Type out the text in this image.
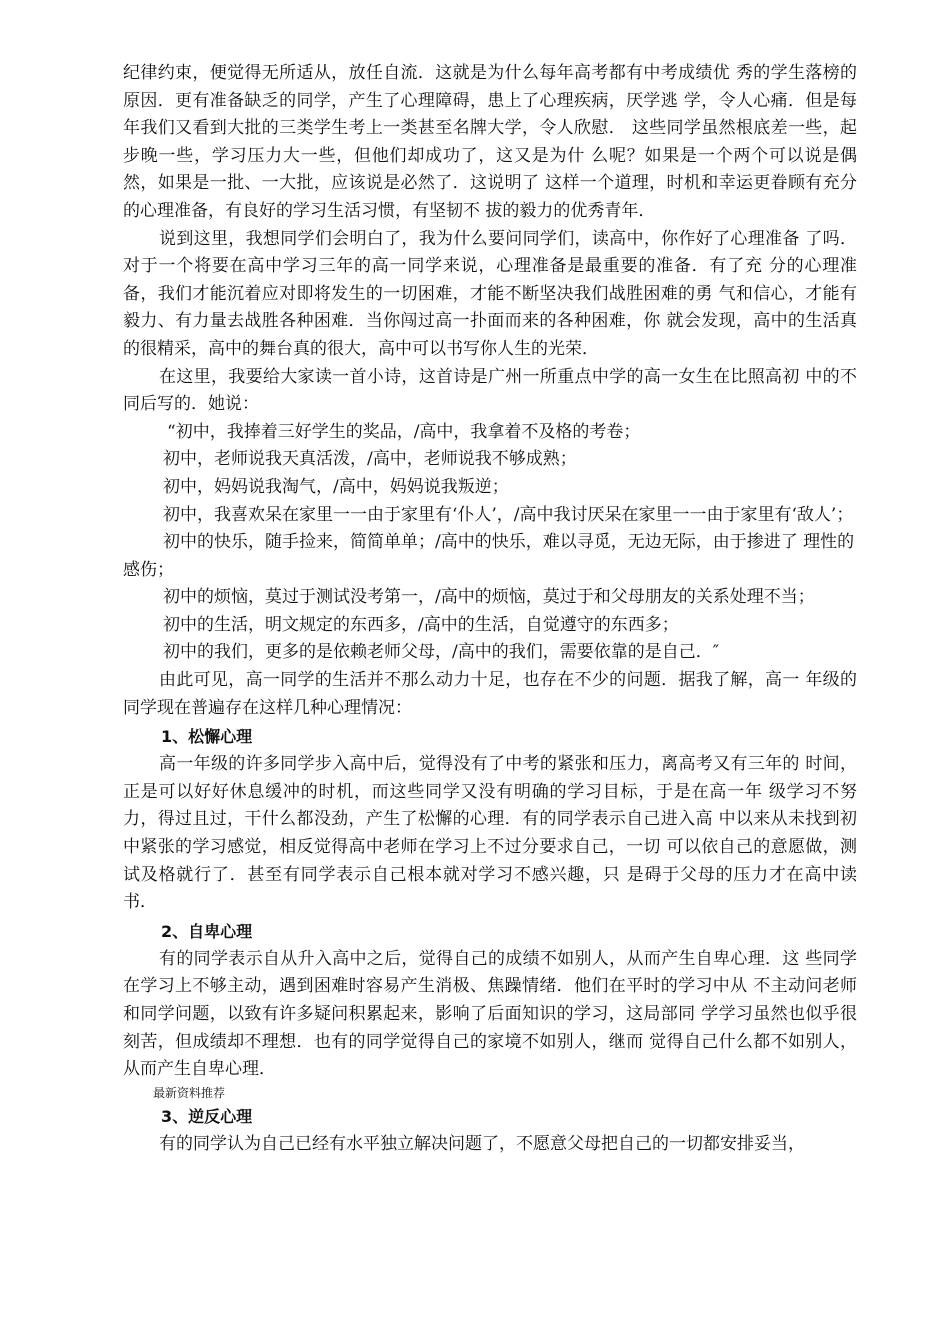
纪律约束，便觉得无所适从，放任自流．这就是为什么每年高考都有中考成绩优 秀的学生落榜的原因．更有准备缺乏的同学，产生了心理障碍，患上了心理疾病，厌学逃 学，令人心痛．但是每年我们又看到大批的三类学生考上一类甚至名牌大学，令人欣慰． 这些同学虽然根底差一些，起步晚一些，学习压力大一些，但他们却成功了，这又是为什 么呢？如果是一个两个可以说是偶然，如果是一批、一大批，应该说是必然了．这说明了 这样一个道理，时机和幸运更眷顾有充分的心理准备，有良好的学习生活习惯，有坚韧不 拔的毅力的优秀青年．

说到这里，我想同学们会明白了，我为什么要问同学们，读高中，你作好了心理准备 了吗．对于一个将要在高中学习三年的高一同学来说，心理准备是最重要的准备．有了充 分的心理准备，我们才能沉着应对即将发生的一切困难，才能不断坚决我们战胜困难的勇 气和信心，才能有毅力、有力量去战胜各种困难．当你闯过高一扑面而来的各种困难，你 就会发现，高中的生活真的很精采，高中的舞台真的很大，高中可以书写你人生的光荣．

在这里，我要给大家读一首小诗，这首诗是广州一所重点中学的高一女生在比照高初 中的不同后写的．她说：

“初中，我捧着三好学生的奖品，/高中，我拿着不及格的考卷；

初中，老师说我天真活泼，/高中，老师说我不够成熟；

初中，妈妈说我淘气，/高中，妈妈说我叛逆；

初中，我喜欢呆在家里一一由于家里有‘仆人’，/高中我讨厌呆在家里一一由于家里有‘敌人’；

初中的快乐，随手捡来，简简单单；/高中的快乐，难以寻觅，无边无际，由于掺进了 理性的感伤；

初中的烦恼，莫过于测试没考第一，/高中的烦恼，莫过于和父母朋友的关系处理不当；

初中的生活，明文规定的东西多，/高中的生活，自觉遵守的东西多；

初中的我们，更多的是依赖老师父母，/高中的我们，需要依靠的是自己．″

由此可见，高一同学的生活并不那么动力十足，也存在不少的问题．据我了解，高一 年级的同学现在普遍存在这样几种心理情况：

1、松懈心理

高一年级的许多同学步入高中后，觉得没有了中考的紧张和压力，离高考又有三年的 时间，正是可以好好休息缓冲的时机，而这些同学又没有明确的学习目标，于是在高一年 级学习不努力，得过且过，干什么都没劲，产生了松懈的心理．有的同学表示自己进入高 中以来从未找到初中紧张的学习感觉，相反觉得高中老师在学习上不过分要求自己，一切 可以依自己的意愿做，测试及格就行了．甚至有同学表示自己根本就对学习不感兴趣，只 是碍于父母的压力才在高中读书．

2、自卑心理

有的同学表示自从升入高中之后，觉得自己的成绩不如别人，从而产生自卑心理．这 些同学在学习上不够主动，遇到困难时容易产生消极、焦躁情绪．他们在平时的学习中从 不主动问老师和同学问题，以致有许多疑问积累起来，影响了后面知识的学习，这局部同 学学习虽然也似乎很刻苦，但成绩却不理想．也有的同学觉得自己的家境不如别人，继而 觉得自己什么都不如别人，从而产生自卑心理．

最新资料推荐

3、逆反心理

有的同学认为自己已经有水平独立解决问题了，不愿意父母把自己的一切都安排妥当，
